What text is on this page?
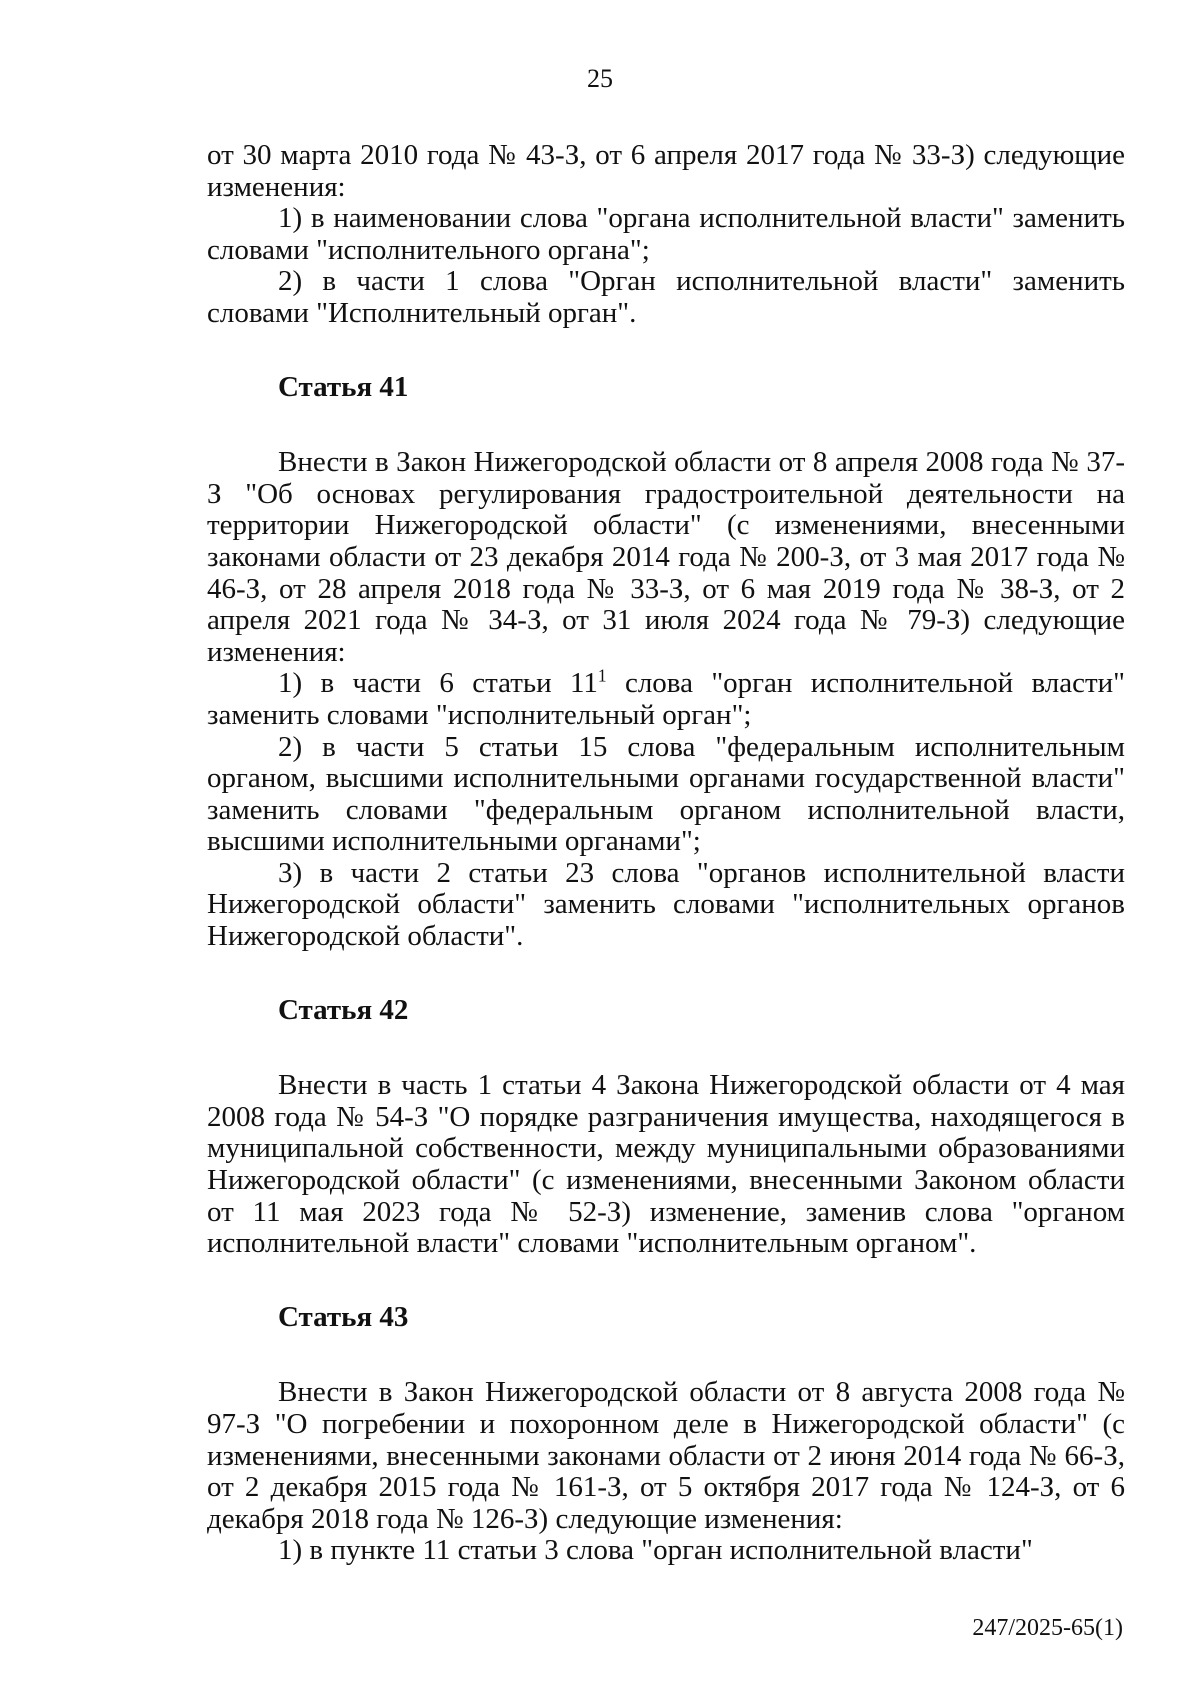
25

от 30 марта 2010 года № 43-З, от 6 апреля 2017 года № 33-З) следующие изменения:

1) в наименовании слова "органа исполнительной власти" заменить словами "исполнительного органа";

2) в части 1 слова "Орган исполнительной власти" заменить словами "Исполнительный орган".

Статья 41

Внести в Закон Нижегородской области от 8 апреля 2008 года № 37-З "Об основах регулирования градостроительной деятельности на территории Нижегородской области" (с изменениями, внесенными законами области от 23 декабря 2014 года № 200-З, от 3 мая 2017 года № 46-З, от 28 апреля 2018 года № 33-З, от 6 мая 2019 года № 38-З, от 2 апреля 2021 года № 34-З, от 31 июля 2024 года № 79-З) следующие изменения:

1) в части 6 статьи $11^1$ слова "орган исполнительной власти" заменить словами "исполнительный орган";

2) в части 5 статьи 15 слова "федеральным исполнительным органом, высшими исполнительными органами государственной власти" заменить словами "федеральным органом исполнительной власти, высшими исполнительными органами";

3) в части 2 статьи 23 слова "органов исполнительной власти Нижегородской области" заменить словами "исполнительных органов Нижегородской области".

Статья 42

Внести в часть 1 статьи 4 Закона Нижегородской области от 4 мая 2008 года № 54-З "О порядке разграничения имущества, находящегося в муниципальной собственности, между муниципальными образованиями Нижегородской области" (с изменениями, внесенными Законом области от 11 мая 2023 года № 52-З) изменение, заменив слова "органом исполнительной власти" словами "исполнительным органом".

Статья 43

Внести в Закон Нижегородской области от 8 августа 2008 года № 97-З "О погребении и похоронном деле в Нижегородской области" (с изменениями, внесенными законами области от 2 июня 2014 года № 66-З, от 2 декабря 2015 года № 161-З, от 5 октября 2017 года № 124-З, от 6 декабря 2018 года № 126-З) следующие изменения:

1) в пункте 11 статьи 3 слова "орган исполнительной власти"

247/2025-65(1)
